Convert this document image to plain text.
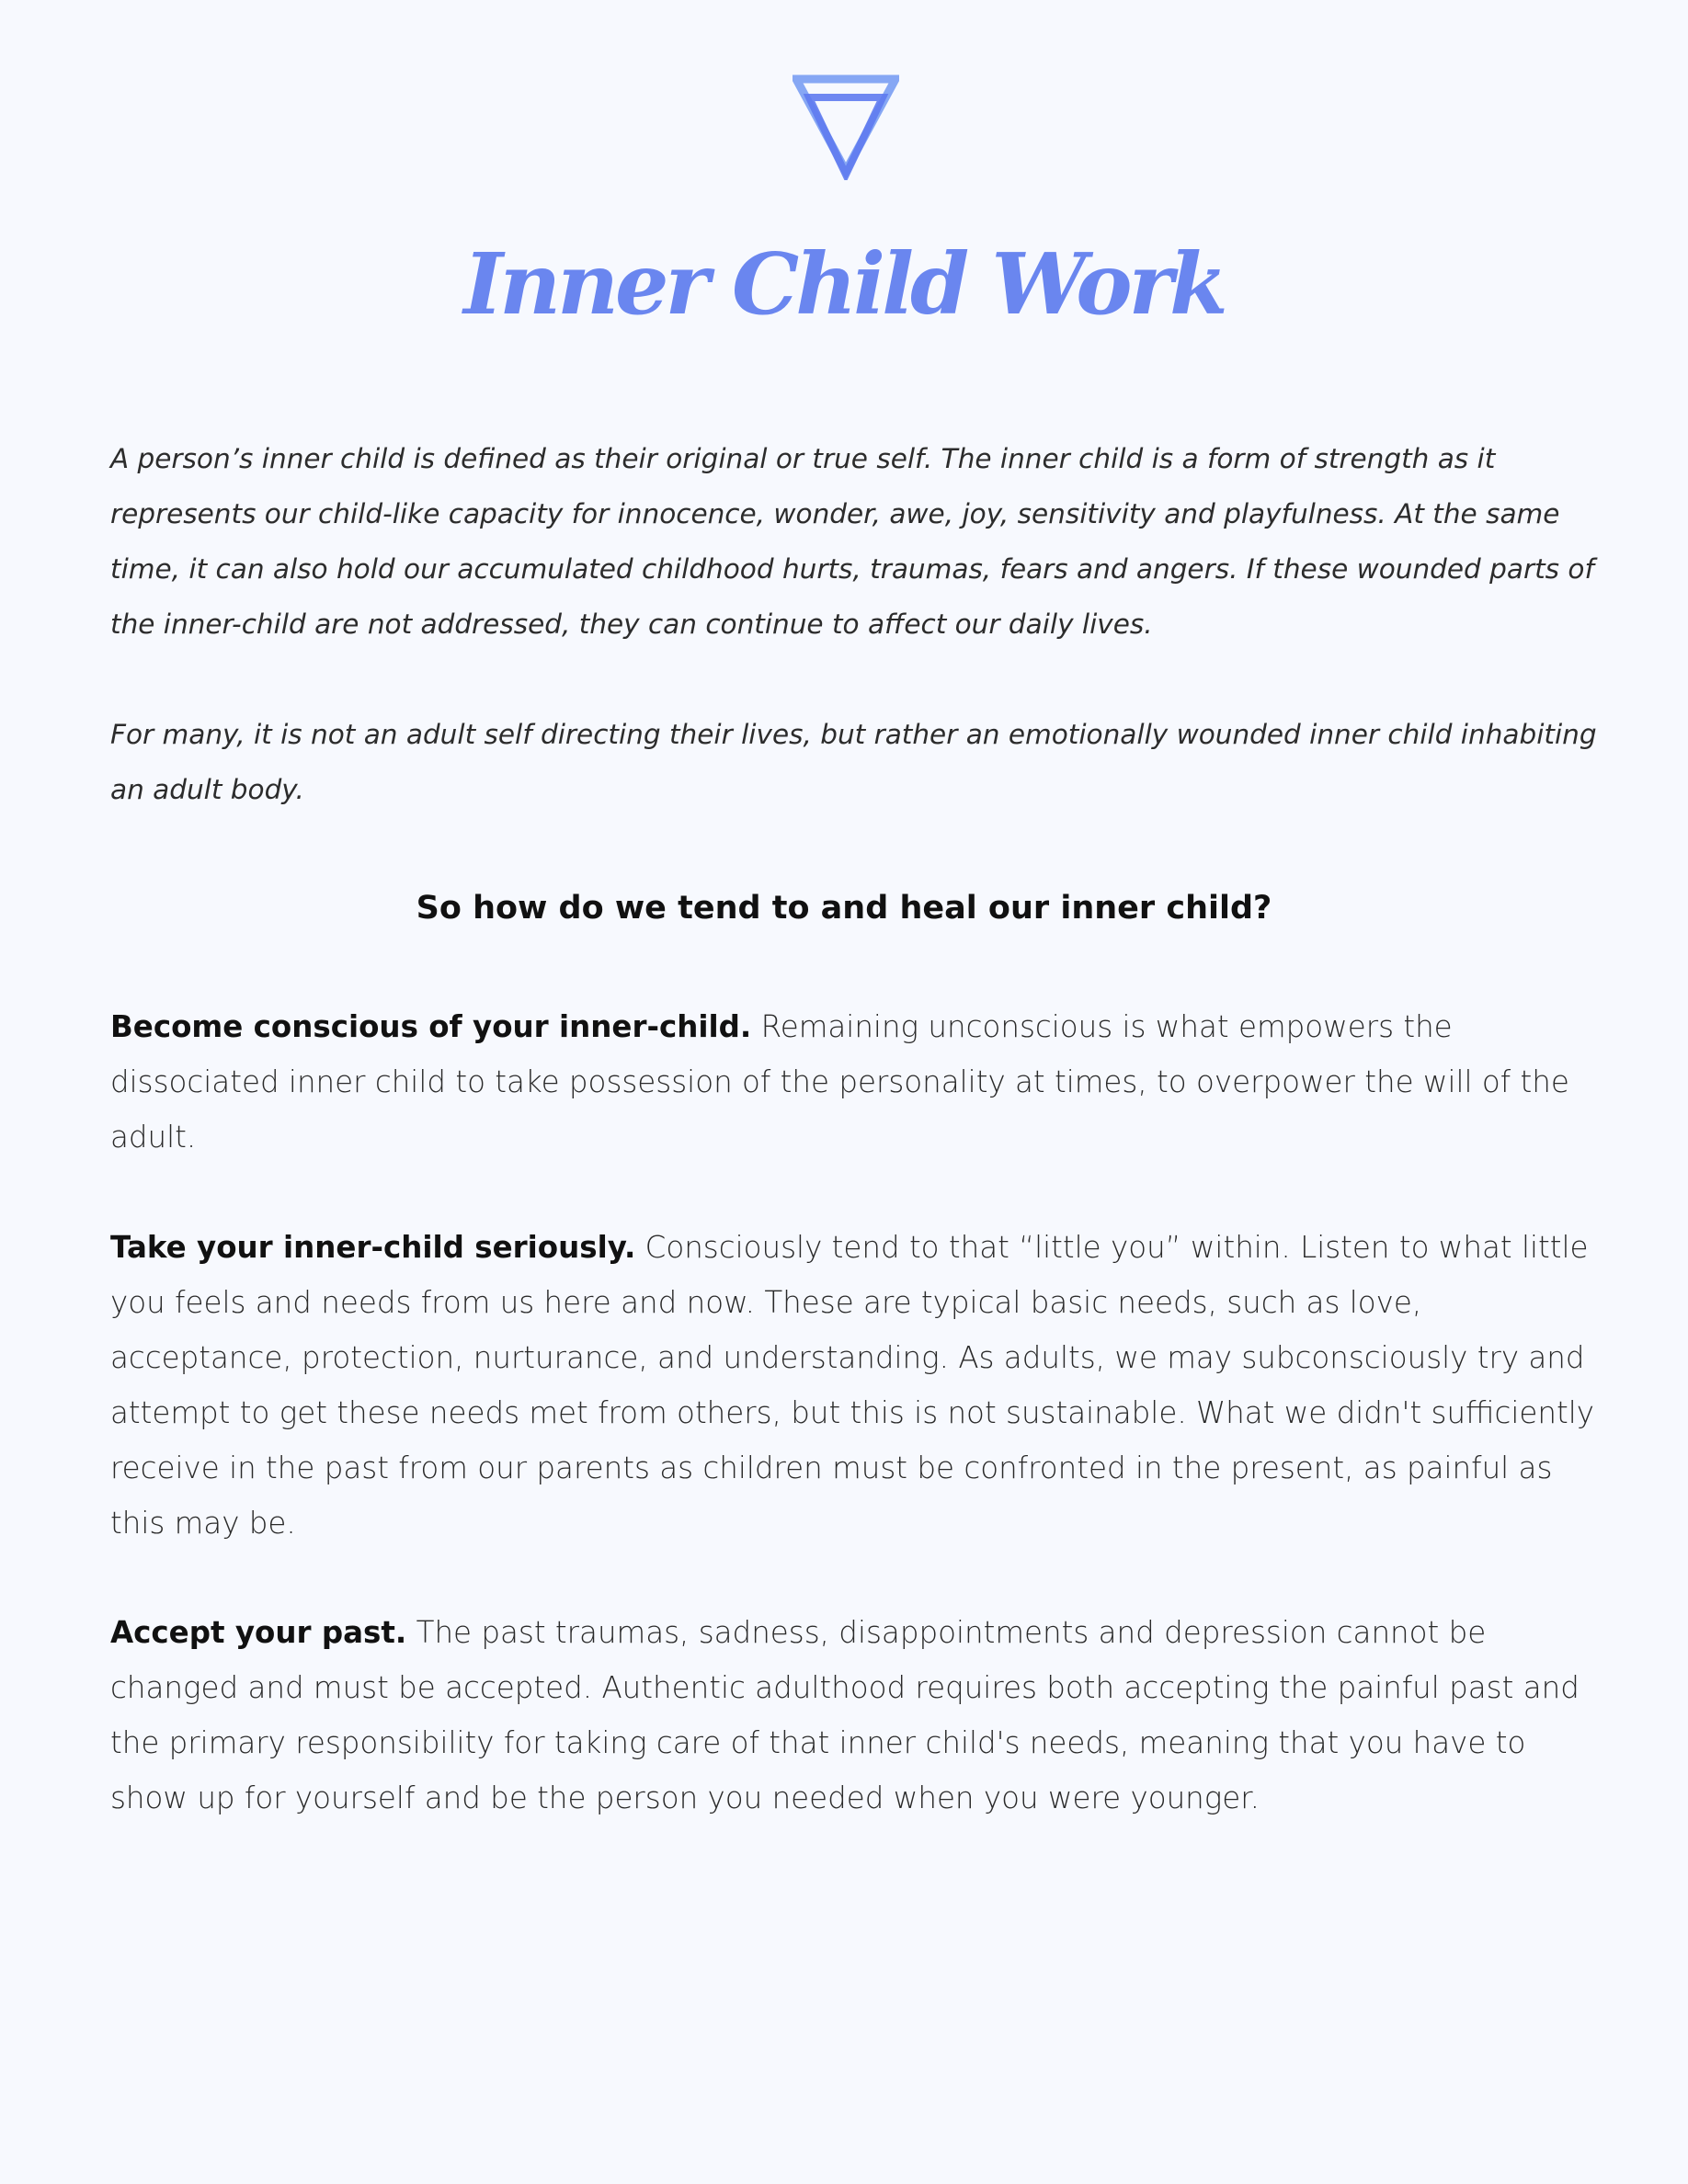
Inner Child Work

A person’s inner child is defined as their original or true self. The inner child is a form of strength as it represents our child-like capacity for innocence, wonder, awe, joy, sensitivity and playfulness. At the same time, it can also hold our accumulated childhood hurts, traumas, fears and angers. If these wounded parts of the inner-child are not addressed, they can continue to affect our daily lives.

For many, it is not an adult self directing their lives, but rather an emotionally wounded inner child inhabiting an adult body.

So how do we tend to and heal our inner child?

Become conscious of your inner-child. Remaining unconscious is what empowers the dissociated inner child to take possession of the personality at times, to overpower the will of the adult.

Take your inner-child seriously. Consciously tend to that “little you” within. Listen to what little you feels and needs from us here and now. These are typical basic needs, such as love, acceptance, protection, nurturance, and understanding. As adults, we may subconsciously try and attempt to get these needs met from others, but this is not sustainable. What we didn't sufficiently receive in the past from our parents as children must be confronted in the present, as painful as this may be.

Accept your past. The past traumas, sadness, disappointments and depression cannot be changed and must be accepted. Authentic adulthood requires both accepting the painful past and the primary responsibility for taking care of that inner child's needs, meaning that you have to show up for yourself and be the person you needed when you were younger.
